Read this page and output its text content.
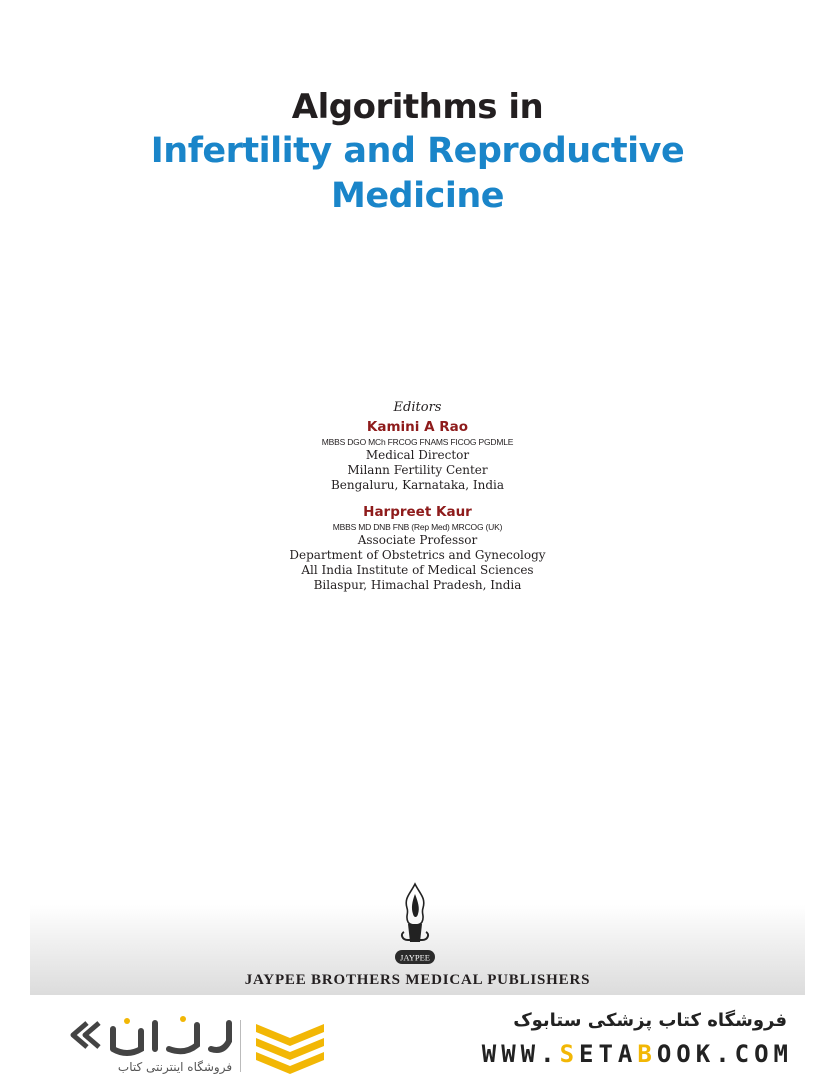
Algorithms in
Infertility and Reproductive
Medicine
Editors
Kamini A Rao
MBBS DGO MCh FRCOG FNAMS FICOG PGDMLE
Medical Director
Milann Fertility Center
Bengaluru, Karnataka, India
Harpreet Kaur
MBBS MD DNB FNB (Rep Med) MRCOG (UK)
Associate Professor
Department of Obstetrics and Gynecology
All India Institute of Medical Sciences
Bilaspur, Himachal Pradesh, India
JAYPEE
JAYPEE BROTHERS MEDICAL PUBLISHERS
فروشگاه اینترنتی کتاب
فروشگاه کتاب پزشکی ستابوک
WWW.SETABOOK.COM
